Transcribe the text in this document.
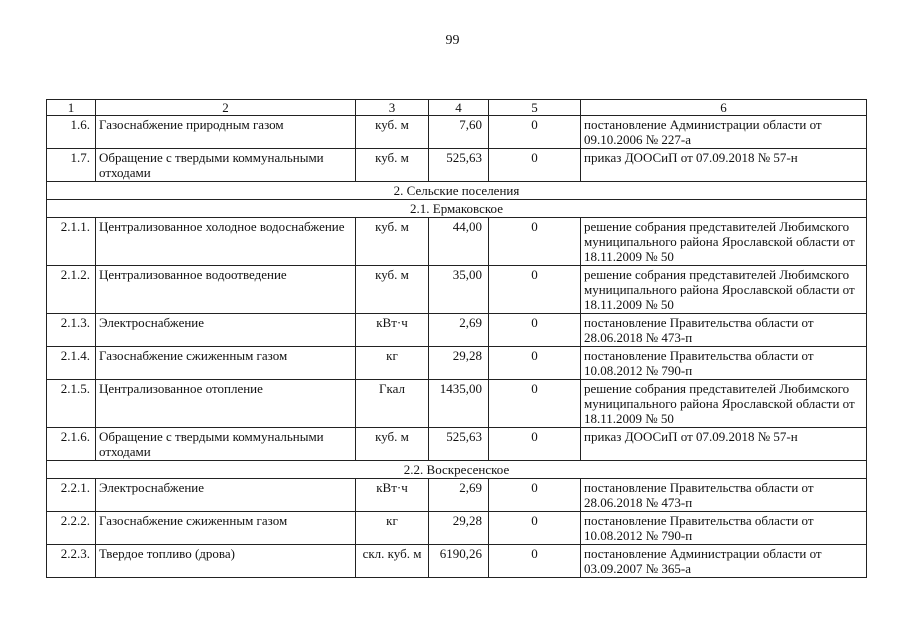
99
1	2	3	4	5	6
1.6.	Газоснабжение природным газом	куб. м	7,60	0	постановление Администрации области от 09.10.2006 № 227-а
1.7.	Обращение с твердыми коммунальными отходами	куб. м	525,63	0	приказ ДООСиП от 07.09.2018 № 57-н
2. Сельские поселения					
2.1. Ермаковское					
2.1.1.	Централизованное холодное водоснабжение	куб. м	44,00	0	решение собрания представителей Любимского муниципального района Ярославской области от 18.11.2009 № 50
2.1.2.	Централизованное водоотведение	куб. м	35,00	0	решение собрания представителей Любимского муниципального района Ярославской области от 18.11.2009 № 50
2.1.3.	Электроснабжение	кВт·ч	2,69	0	постановление Правительства области от 28.06.2018 № 473-п
2.1.4.	Газоснабжение сжиженным газом	кг	29,28	0	постановление Правительства области от 10.08.2012 № 790-п
2.1.5.	Централизованное отопление	Гкал	1435,00	0	решение собрания представителей Любимского муниципального района Ярославской области от 18.11.2009 № 50
2.1.6.	Обращение с твердыми коммунальными отходами	куб. м	525,63	0	приказ ДООСиП от 07.09.2018 № 57-н
2.2. Воскресенское					
2.2.1.	Электроснабжение	кВт·ч	2,69	0	постановление Правительства области от 28.06.2018 № 473-п
2.2.2.	Газоснабжение сжиженным газом	кг	29,28	0	постановление Правительства области от 10.08.2012 № 790-п
2.2.3.	Твердое топливо (дрова)	скл. куб. м	6190,26	0	постановление Администрации области от 03.09.2007 № 365-а
